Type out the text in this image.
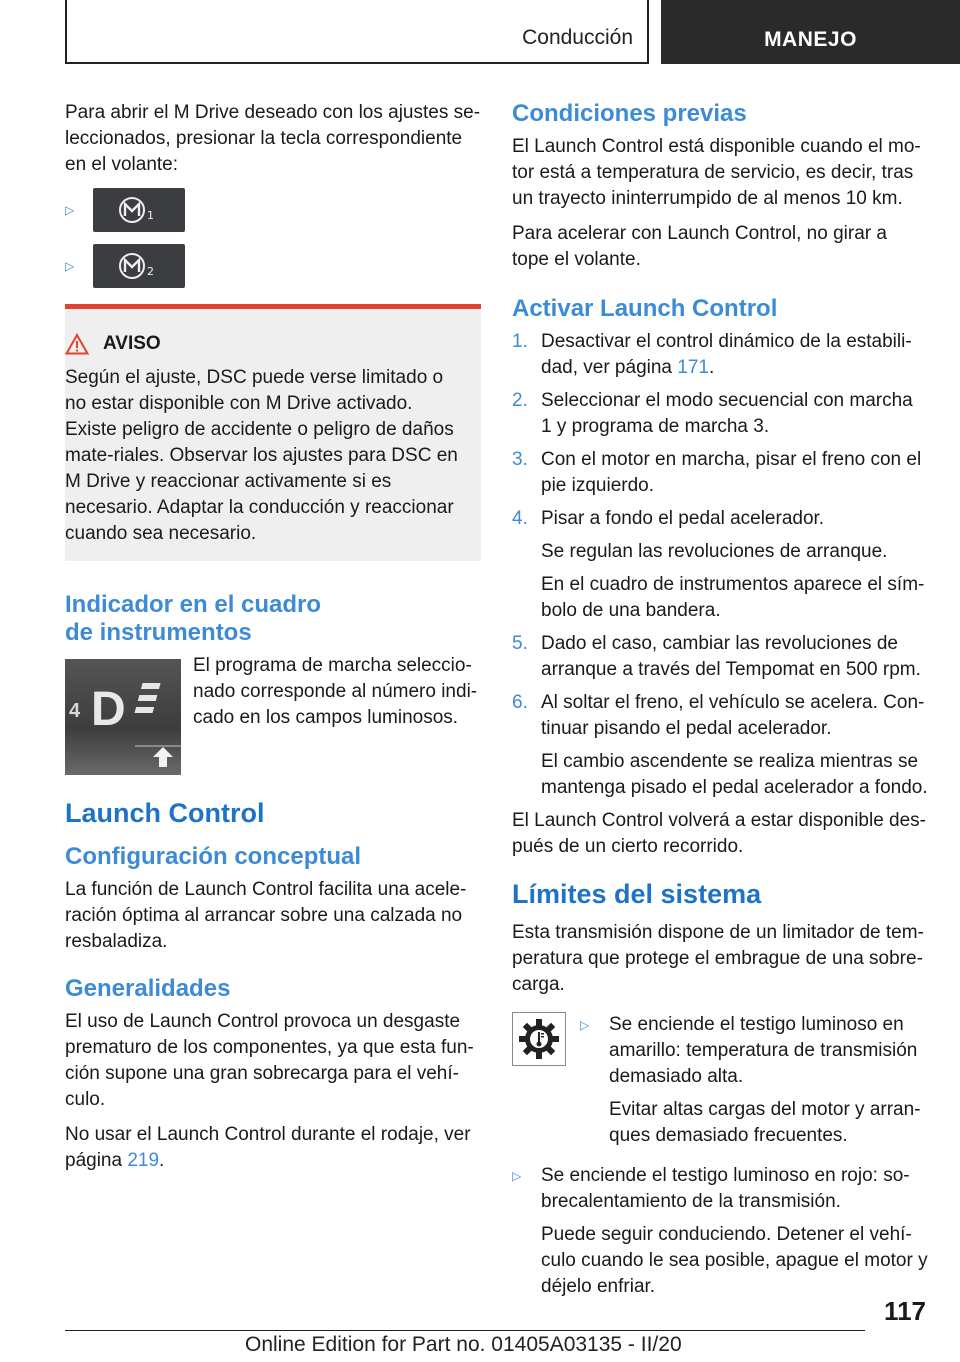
Conducción	MANEJO

Para abrir el M Drive deseado con los ajustes se-leccionados, presionar la tecla correspondiente en el volante:

▷	1
▷	2
AVISO
Según el ajuste, DSC puede verse limitado o no estar disponible con M Drive activado. Existe peligro de accidente o peligro de daños mate-riales. Observar los ajustes para DSC en M Drive y reaccionar activamente si es necesario. Adaptar la conducción y reaccionar cuando sea necesario.
Indicador en el cuadro
de instrumentos
4 D
El programa de marcha seleccio-nado corresponde al número indi-cado en los campos luminosos.
Launch Control
Configuración conceptual

La función de Launch Control facilita una acele-ración óptima al arrancar sobre una calzada no resbaladiza.

Generalidades

El uso de Launch Control provoca un desgaste prematuro de los componentes, ya que esta fun-ción supone una gran sobrecarga para el vehí-culo.

No usar el Launch Control durante el rodaje, ver página 219.

Condiciones previas

El Launch Control está disponible cuando el mo-tor está a temperatura de servicio, es decir, tras un trayecto ininterrumpido de al menos 10 km.

Para acelerar con Launch Control, no girar a tope el volante.

Activar Launch Control
1. Desactivar el control dinámico de la estabili-dad, ver página 171.
2. Seleccionar el modo secuencial con marcha 1 y programa de marcha 3.
3. Con el motor en marcha, pisar el freno con el pie izquierdo.
4. Pisar a fondo el pedal acelerador.
Se regulan las revoluciones de arranque.
En el cuadro de instrumentos aparece el sím-bolo de una bandera.
5. Dado el caso, cambiar las revoluciones de arranque a través del Tempomat en 500 rpm.
6. Al soltar el freno, el vehículo se acelera. Con-tinuar pisando el pedal acelerador.
El cambio ascendente se realiza mientras se mantenga pisado el pedal acelerador a fondo.

El Launch Control volverá a estar disponible des-pués de un cierto recorrido.

Límites del sistema

Esta transmisión dispone de un limitador de tem-peratura que protege el embrague de una sobre-carga.

▷ Se enciende el testigo luminoso en amarillo: temperatura de transmisión demasiado alta.
Evitar altas cargas del motor y arran-ques demasiado frecuentes.
▷ Se enciende el testigo luminoso en rojo: so-brecalentamiento de la transmisión.
Puede seguir conduciendo. Detener el vehí-culo cuando le sea posible, apague el motor y déjelo enfriar.
117
Online Edition for Part no. 01405A03135 - II/20
